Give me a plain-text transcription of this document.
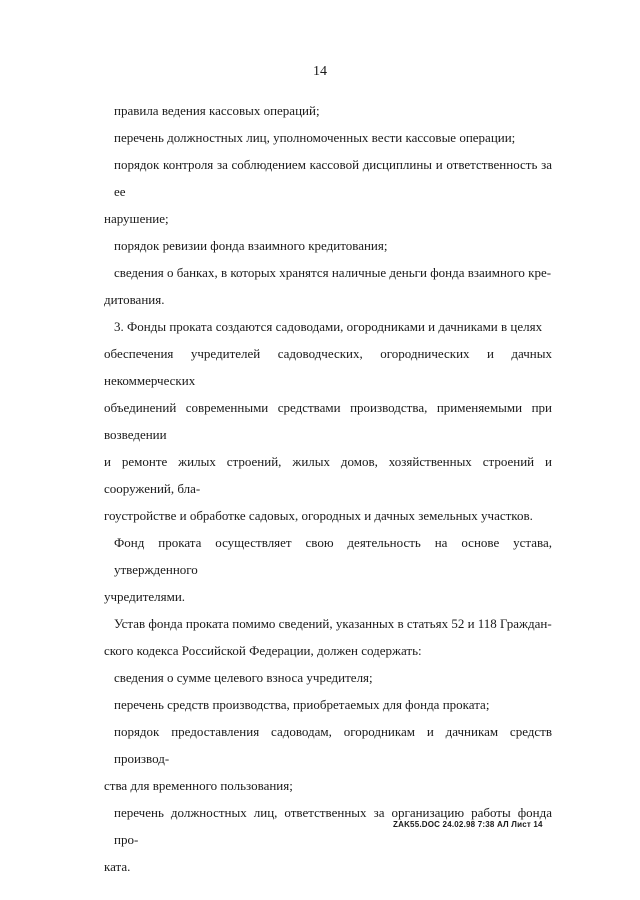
14

правила ведения кассовых операций;

перечень должностных лиц, уполномоченных вести кассовые операции;

порядок контроля за соблюдением кассовой дисциплины и ответственность за ее

нарушение;

порядок ревизии фонда взаимного кредитования;

сведения о банках, в которых хранятся наличные деньги фонда взаимного кре-

дитования.

3. Фонды проката создаются садоводами, огородниками и дачниками в целях

обеспечения учредителей садоводческих, огороднических и дачных некоммерческих

объединений современными средствами производства, применяемыми при возведении

и ремонте жилых строений, жилых домов, хозяйственных строений и сооружений, бла-

гоустройстве и обработке садовых, огородных и дачных земельных участков.

Фонд проката осуществляет свою деятельность на основе устава, утвержденного

учредителями.

Устав фонда проката помимо сведений, указанных в статьях 52 и 118 Граждан-

ского кодекса Российской Федерации, должен содержать:

сведения о сумме целевого взноса учредителя;

перечень средств производства, приобретаемых для фонда проката;

порядок предоставления садоводам, огородникам и дачникам средств производ-

ства для временного пользования;

перечень должностных лиц, ответственных за организацию работы фонда про-

ката.

ZAK55.DOC 24.02.98 7:38 АЛ Лист 14
